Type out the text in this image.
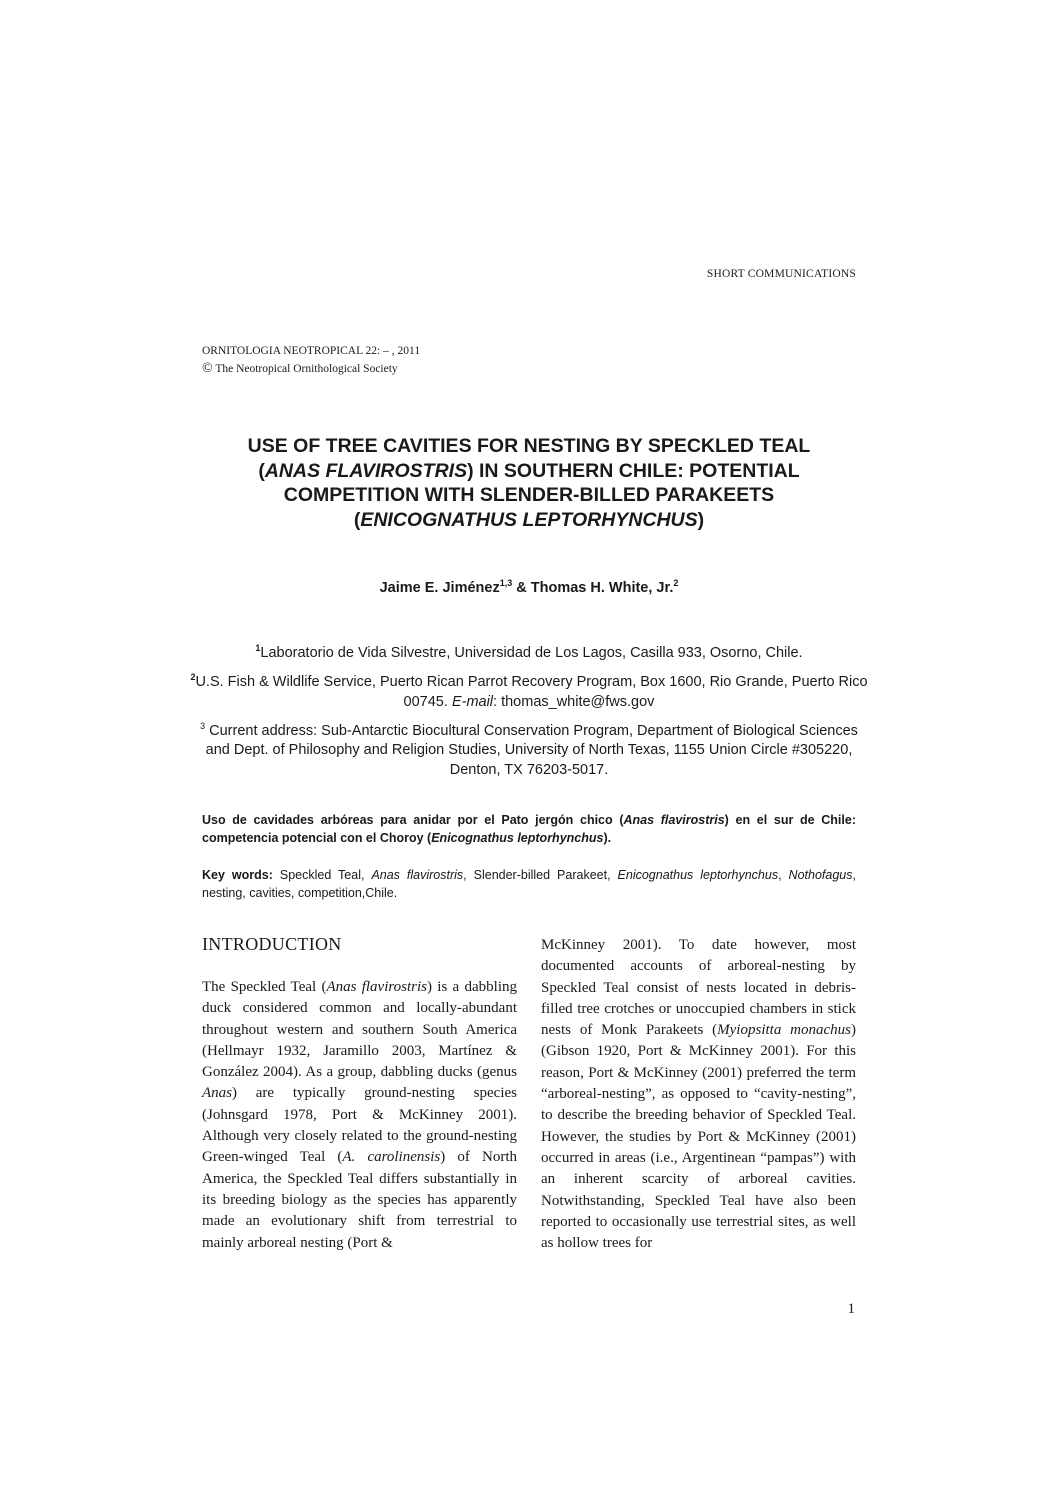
SHORT COMMUNICATIONS
ORNITOLOGIA NEOTROPICAL 22: – , 2011
© The Neotropical Ornithological Society
USE OF TREE CAVITIES FOR NESTING BY SPECKLED TEAL
(ANAS FLAVIROSTRIS) IN SOUTHERN CHILE: POTENTIAL
COMPETITION WITH SLENDER-BILLED PARAKEETS
(ENICOGNATHUS LEPTORHYNCHUS)
Jaime E. Jiménez$^{1,3}$ & Thomas H. White, Jr.$^2$

$^1$Laboratorio de Vida Silvestre, Universidad de Los Lagos, Casilla 933, Osorno, Chile.

$^2$U.S. Fish & Wildlife Service, Puerto Rican Parrot Recovery Program, Box 1600, Rio Grande, Puerto Rico 00745. E-mail: thomas_white@fws.gov

$^3$ Current address: Sub-Antarctic Biocultural Conservation Program, Department of Biological Sciences and Dept. of Philosophy and Religion Studies, University of North Texas, 1155 Union Circle #305220, Denton, TX 76203-5017.

Uso de cavidades arbóreas para anidar por el Pato jergón chico (Anas flavirostris) en el sur de Chile: competencia potencial con el Choroy (Enicognathus leptorhynchus).
Key words: Speckled Teal, Anas flavirostris, Slender-billed Parakeet, Enicognathus leptorhynchus, Nothofagus, nesting, cavities, competition,Chile.
INTRODUCTION
The Speckled Teal (Anas flavirostris) is a dabbling duck considered common and locally-abundant throughout western and southern South America (Hellmayr 1932, Jaramillo 2003, Martínez & González 2004). As a group, dabbling ducks (genus Anas) are typically ground-nesting species (Johnsgard 1978, Port & McKinney 2001). Although very closely related to the ground-nesting Green-winged Teal (A. carolinensis) of North America, the Speckled Teal differs substantially in its breeding biology as the species has apparently made an evolutionary shift from terrestrial to mainly arboreal nesting (Port &
McKinney 2001). To date however, most documented accounts of arboreal-nesting by Speckled Teal consist of nests located in debris-filled tree crotches or unoccupied chambers in stick nests of Monk Parakeets (Myiopsitta monachus) (Gibson 1920, Port & McKinney 2001). For this reason, Port & McKinney (2001) preferred the term “arboreal-nesting”, as opposed to “cavity-nesting”, to describe the breeding behavior of Speckled Teal. However, the studies by Port & McKinney (2001) occurred in areas (i.e., Argentinean “pampas”) with an inherent scarcity of arboreal cavities. Notwithstanding, Speckled Teal have also been reported to occasionally use terrestrial sites, as well as hollow trees for
1
